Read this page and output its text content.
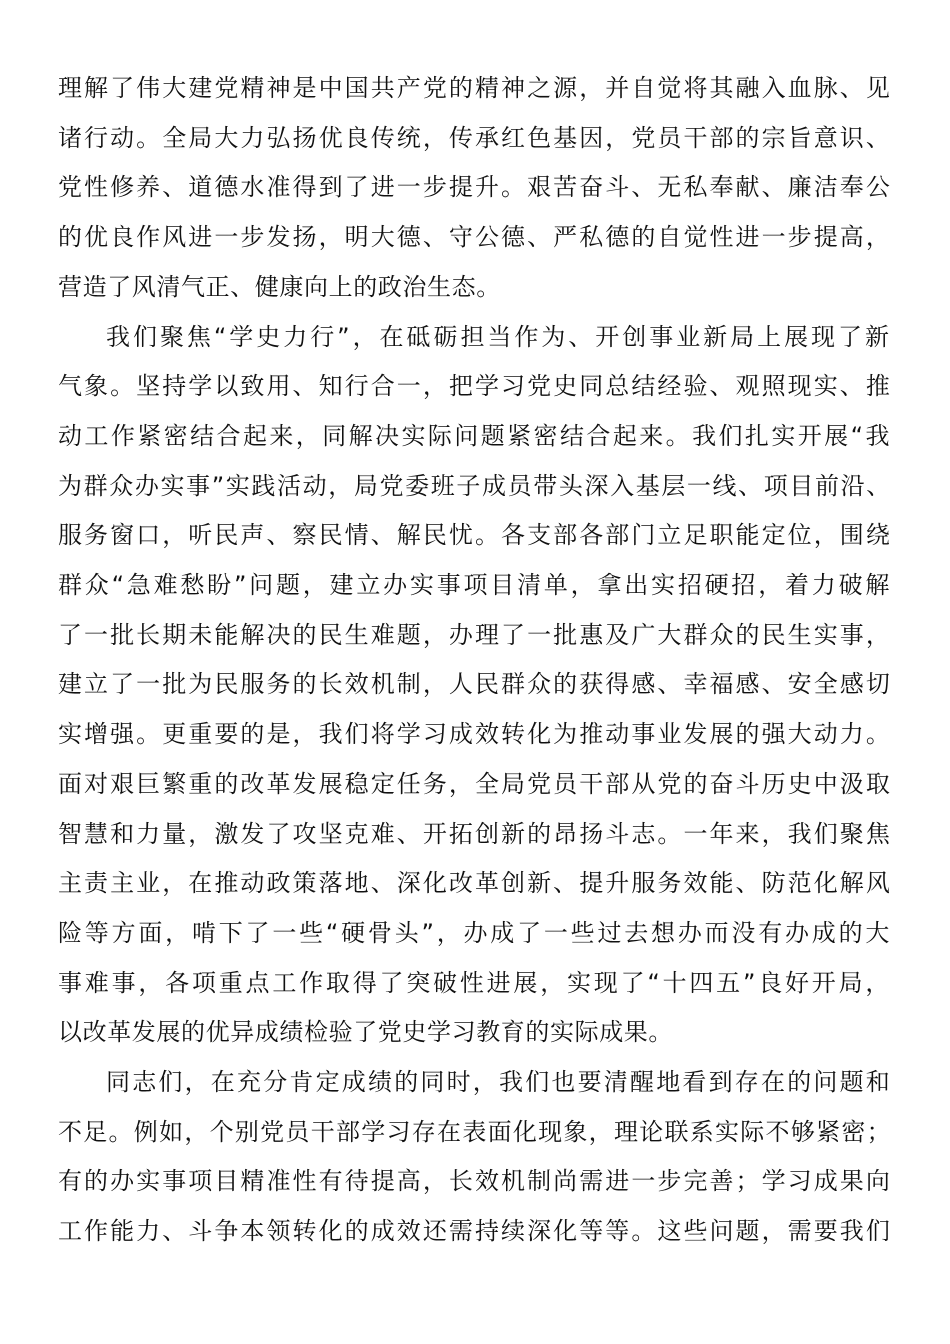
理解了伟大建党精神是中国共产党的精神之源，并自觉将其融入血脉、见
诸行动。全局大力弘扬优良传统，传承红色基因，党员干部的宗旨意识、
党性修养、道德水准得到了进一步提升。艰苦奋斗、无私奉献、廉洁奉公
的优良作风进一步发扬，明大德、守公德、严私德的自觉性进一步提高，
营造了风清气正、健康向上的政治生态。

我们聚焦“学史力行”，在砥砺担当作为、开创事业新局上展现了新
气象。坚持学以致用、知行合一，把学习党史同总结经验、观照现实、推
动工作紧密结合起来，同解决实际问题紧密结合起来。我们扎实开展“我
为群众办实事”实践活动，局党委班子成员带头深入基层一线、项目前沿、
服务窗口，听民声、察民情、解民忧。各支部各部门立足职能定位，围绕
群众“急难愁盼”问题，建立办实事项目清单，拿出实招硬招，着力破解
了一批长期未能解决的民生难题，办理了一批惠及广大群众的民生实事，
建立了一批为民服务的长效机制，人民群众的获得感、幸福感、安全感切
实增强。更重要的是，我们将学习成效转化为推动事业发展的强大动力。
面对艰巨繁重的改革发展稳定任务，全局党员干部从党的奋斗历史中汲取
智慧和力量，激发了攻坚克难、开拓创新的昂扬斗志。一年来，我们聚焦
主责主业，在推动政策落地、深化改革创新、提升服务效能、防范化解风
险等方面，啃下了一些“硬骨头”，办成了一些过去想办而没有办成的大
事难事，各项重点工作取得了突破性进展，实现了“十四五”良好开局，
以改革发展的优异成绩检验了党史学习教育的实际成果。

同志们，在充分肯定成绩的同时，我们也要清醒地看到存在的问题和
不足。例如，个别党员干部学习存在表面化现象，理论联系实际不够紧密；
有的办实事项目精准性有待提高，长效机制尚需进一步完善；学习成果向
工作能力、斗争本领转化的成效还需持续深化等等。这些问题，需要我们
